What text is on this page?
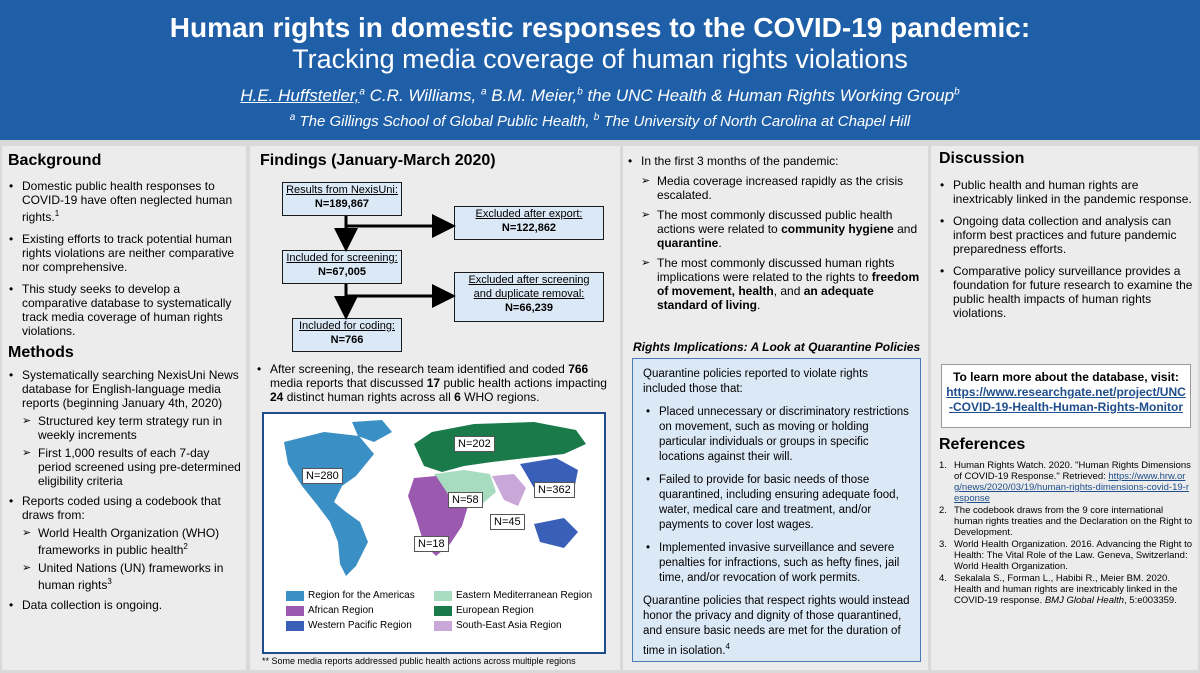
Human rights in domestic responses to the COVID-19 pandemic:
Tracking media coverage of human rights violations
H.E. Huffstetler,$^a$ C.R. Williams, $^a$ B.M. Meier,$^b$ the UNC Health & Human Rights Working Group$^b$
$^a$ The Gillings School of Global Public Health, $^b$ The University of North Carolina at Chapel Hill
Background
• Domestic public health responses to COVID-19 have often neglected human rights.$^1$
• Existing efforts to track potential human rights violations are neither comparative nor comprehensive.
• This study seeks to develop a comparative database to systematically track media coverage of human rights violations.
Methods
• Systematically searching NexisUni News database for English-language media reports (beginning January 4th, 2020)
➢ Structured key term strategy run in weekly increments
➢ First 1,000 results of each 7-day period screened using pre-determined eligibility criteria
• Reports coded using a codebook that draws from:
➢ World Health Organization (WHO) frameworks in public health$^2$
➢ United Nations (UN) frameworks in human rights$^3$
• Data collection is ongoing.
Findings (January-March 2020)
Results from NexisUni:
N=189,867
Excluded after export:
N=122,862
Included for screening:
N=67,005
Excluded after screening
and duplicate removal:
N=66,239
Included for coding:
N=766
• After screening, the research team identified and coded 766 media reports that discussed 17 public health actions impacting 24 distinct human rights across all 6 WHO regions.
N=280
N=202
N=58
N=362
N=45
N=18
Region for the Americas	Eastern Mediterranean Region
African Region	European Region
Western Pacific Region	South-East Asia Region
** Some media reports addressed public health actions across multiple regions
• In the first 3 months of the pandemic:
➢ Media coverage increased rapidly as the crisis escalated.
➢ The most commonly discussed public health actions were related to community hygiene and quarantine.
➢ The most commonly discussed human rights implications were related to the rights to freedom of movement, health, and an adequate standard of living.
Rights Implications: A Look at Quarantine Policies
Quarantine policies reported to violate rights included those that:
• Placed unnecessary or discriminatory restrictions on movement, such as moving or holding particular individuals or groups in specific locations against their will.
• Failed to provide for basic needs of those quarantined, including ensuring adequate food, water, medical care and treatment, and/or payments to cover lost wages.
• Implemented invasive surveillance and severe penalties for infractions, such as hefty fines, jail time, and/or revocation of work permits.
Quarantine policies that respect rights would instead honor the privacy and dignity of those quarantined, and ensure basic needs are met for the duration of time in isolation.$^4$
Discussion
• Public health and human rights are inextricably linked in the pandemic response.
• Ongoing data collection and analysis can inform best practices and future pandemic preparedness efforts.
• Comparative policy surveillance provides a foundation for future research to examine the public health impacts of human rights violations.
To learn more about the database, visit:
https://www.researchgate.net/project/UNC-COVID-19-Health-Human-Rights-Monitor
References
1. Human Rights Watch. 2020. "Human Rights Dimensions of COVID-19 Response." Retrieved: https://www.hrw.org/news/2020/03/19/human-rights-dimensions-covid-19-response
2. The codebook draws from the 9 core international human rights treaties and the Declaration on the Right to Development.
3. World Health Organization. 2016. Advancing the Right to Health: The Vital Role of the Law. Geneva, Switzerland: World Health Organization.
4. Sekalala S., Forman L., Habibi R., Meier BM. 2020. Health and human rights are inextricably linked in the COVID-19 response. BMJ Global Health, 5:e003359.
